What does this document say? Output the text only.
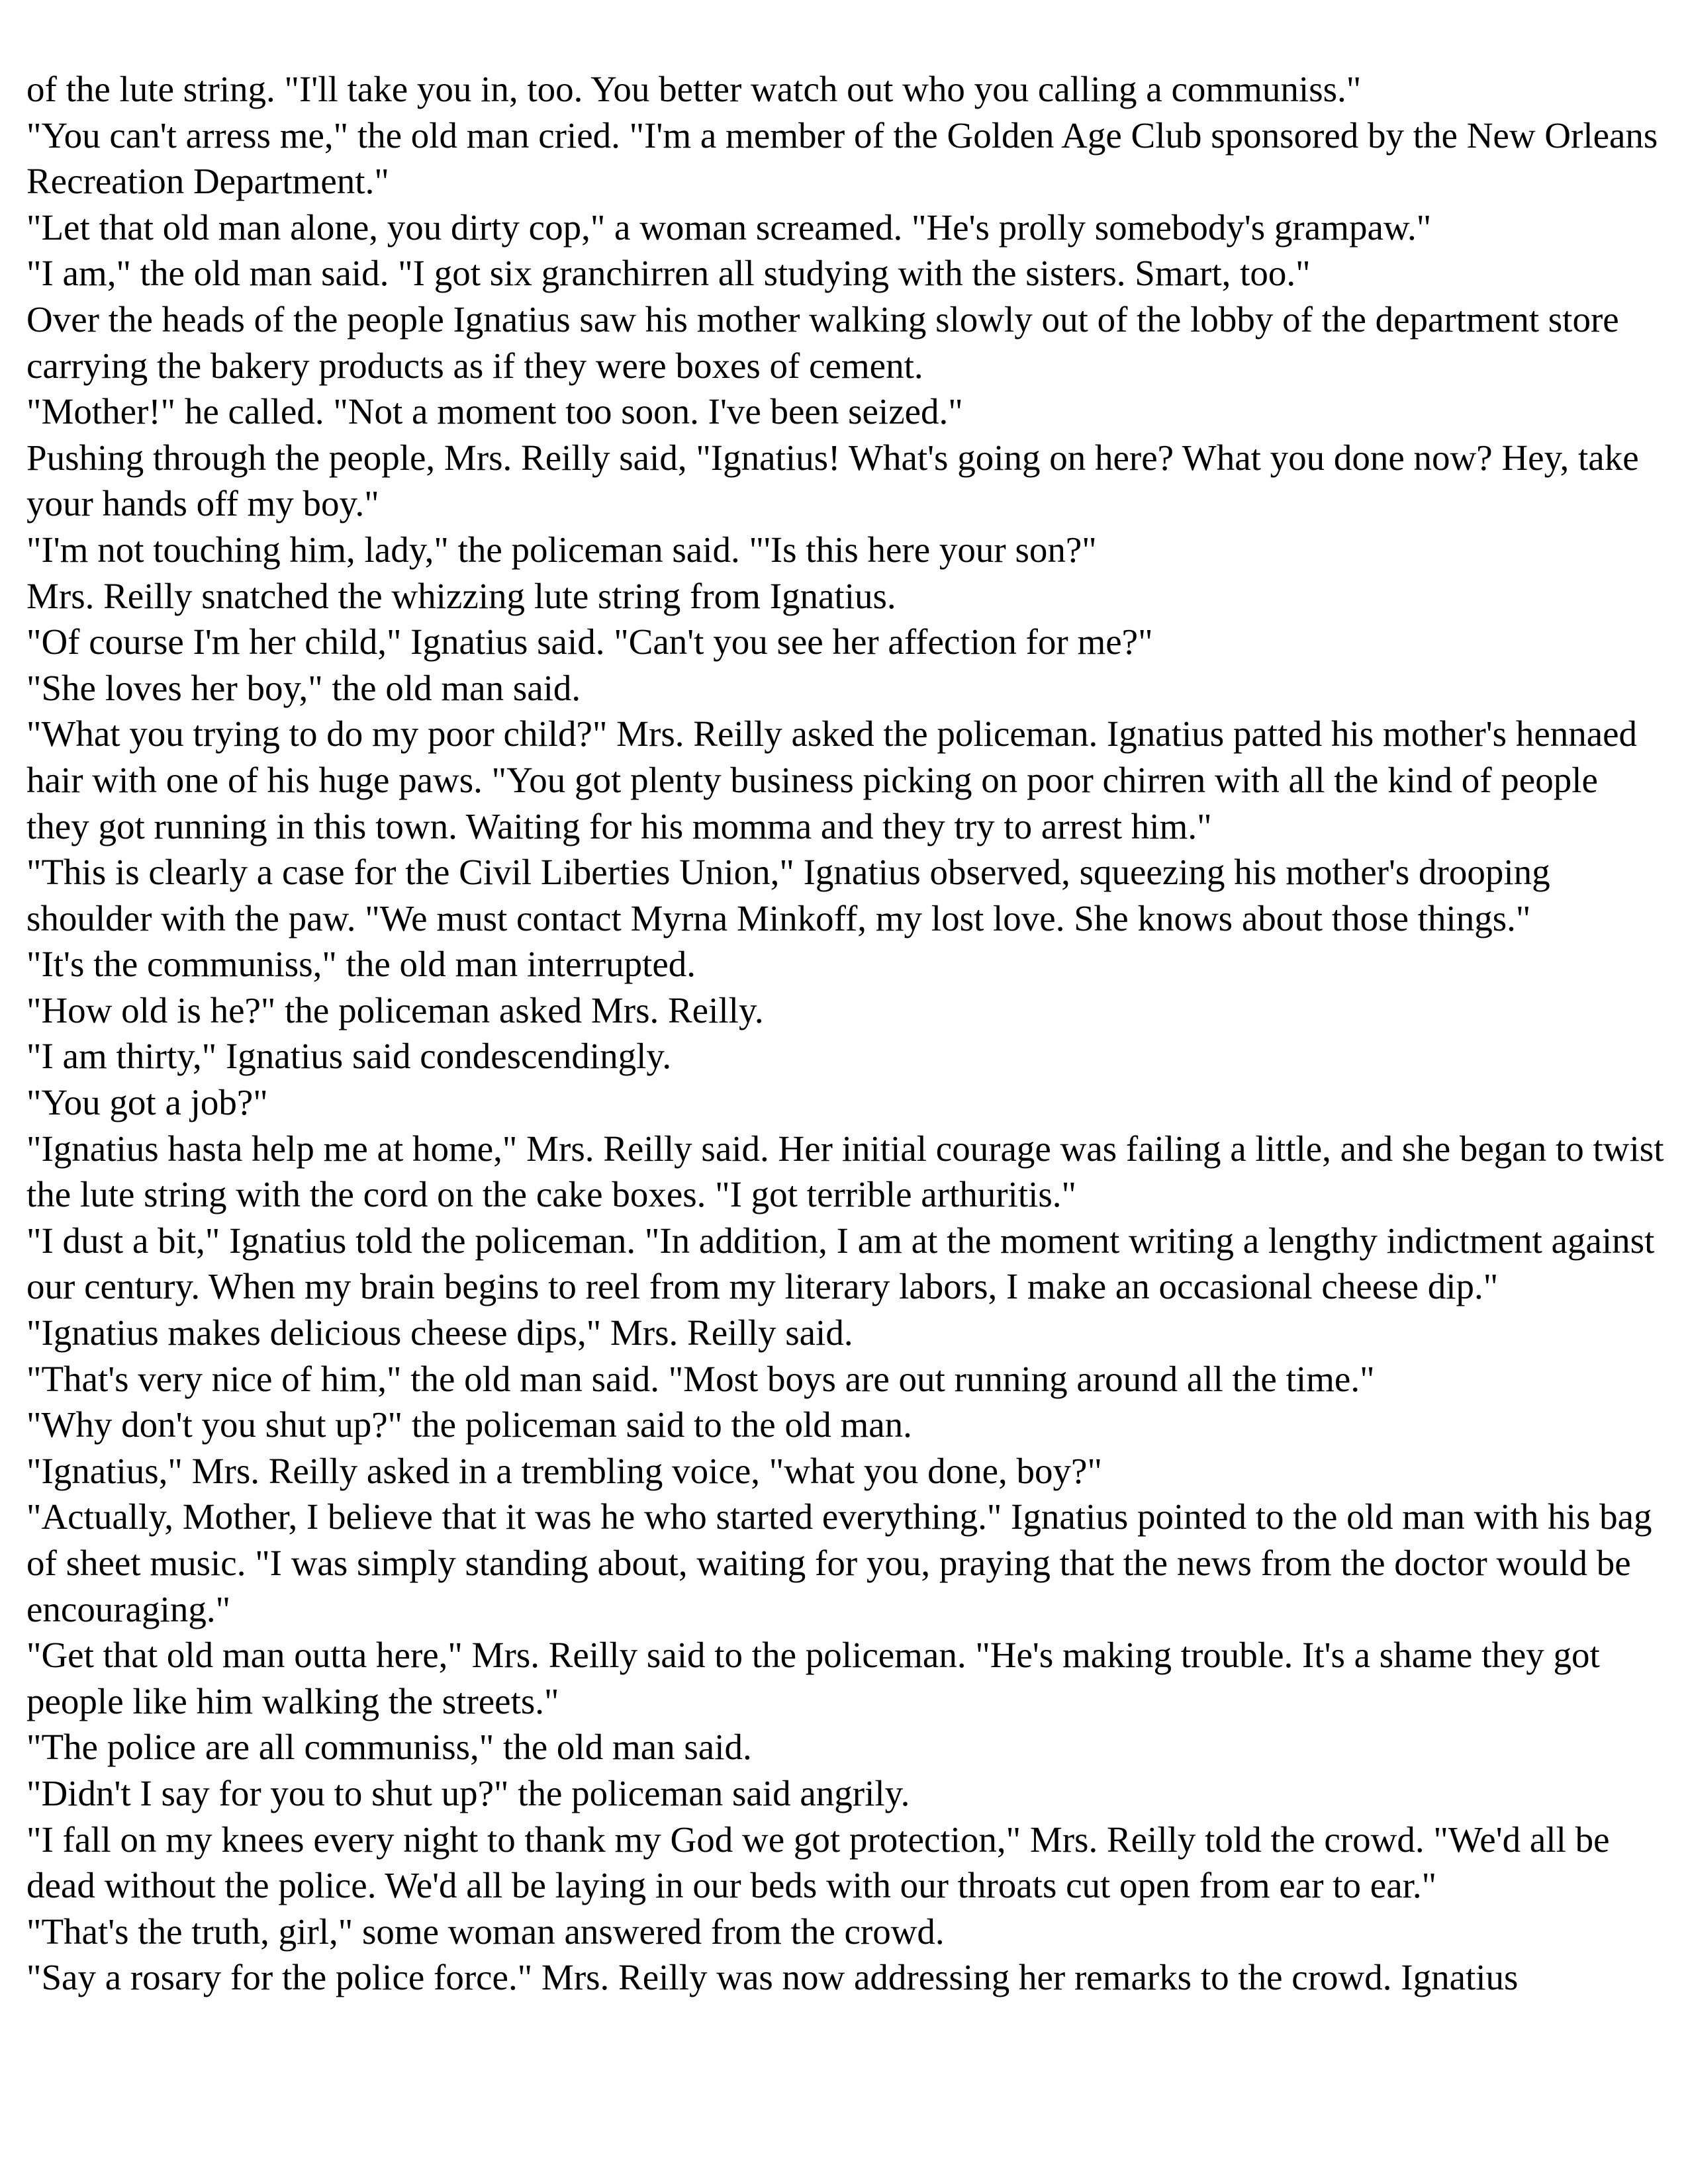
of the lute string. "I'll take you in, too. You better watch out who you calling a communiss."

"You can't arress me," the old man cried. "I'm a member of the Golden Age Club sponsored by the New Orleans Recreation Department."

"Let that old man alone, you dirty cop," a woman screamed. "He's prolly somebody's grampaw."

"I am," the old man said. "I got six granchirren all studying with the sisters. Smart, too."

Over the heads of the people Ignatius saw his mother walking slowly out of the lobby of the department store carrying the bakery products as if they were boxes of cement.

"Mother!" he called. "Not a moment too soon. I've been seized."

Pushing through the people, Mrs. Reilly said, "Ignatius! What's going on here? What you done now? Hey, take your hands off my boy."

"I'm not touching him, lady," the policeman said. "'Is this here your son?"

Mrs. Reilly snatched the whizzing lute string from Ignatius.

"Of course I'm her child," Ignatius said. "Can't you see her affection for me?"

"She loves her boy," the old man said.

"What you trying to do my poor child?" Mrs. Reilly asked the policeman. Ignatius patted his mother's hennaed hair with one of his huge paws. "You got plenty business picking on poor chirren with all the kind of people they got running in this town. Waiting for his momma and they try to arrest him."

"This is clearly a case for the Civil Liberties Union," Ignatius observed, squeezing his mother's drooping shoulder with the paw. "We must contact Myrna Minkoff, my lost love. She knows about those things."

"It's the communiss," the old man interrupted.

"How old is he?" the policeman asked Mrs. Reilly.

"I am thirty," Ignatius said condescendingly.

"You got a job?"

"Ignatius hasta help me at home," Mrs. Reilly said. Her initial courage was failing a little, and she began to twist the lute string with the cord on the cake boxes. "I got terrible arthuritis."

"I dust a bit," Ignatius told the policeman. "In addition, I am at the moment writing a lengthy indictment against our century. When my brain begins to reel from my literary labors, I make an occasional cheese dip."

"Ignatius makes delicious cheese dips," Mrs. Reilly said.

"That's very nice of him," the old man said. "Most boys are out running around all the time."

"Why don't you shut up?" the policeman said to the old man.

"Ignatius," Mrs. Reilly asked in a trembling voice, "what you done, boy?"

"Actually, Mother, I believe that it was he who started everything." Ignatius pointed to the old man with his bag of sheet music. "I was simply standing about, waiting for you, praying that the news from the doctor would be encouraging."

"Get that old man outta here," Mrs. Reilly said to the policeman. "He's making trouble. It's a shame they got people like him walking the streets."

"The police are all communiss," the old man said.

"Didn't I say for you to shut up?" the policeman said angrily.

"I fall on my knees every night to thank my God we got protection," Mrs. Reilly told the crowd. "We'd all be dead without the police. We'd all be laying in our beds with our throats cut open from ear to ear."

"That's the truth, girl," some woman answered from the crowd.

"Say a rosary for the police force." Mrs. Reilly was now addressing her remarks to the crowd. Ignatius
